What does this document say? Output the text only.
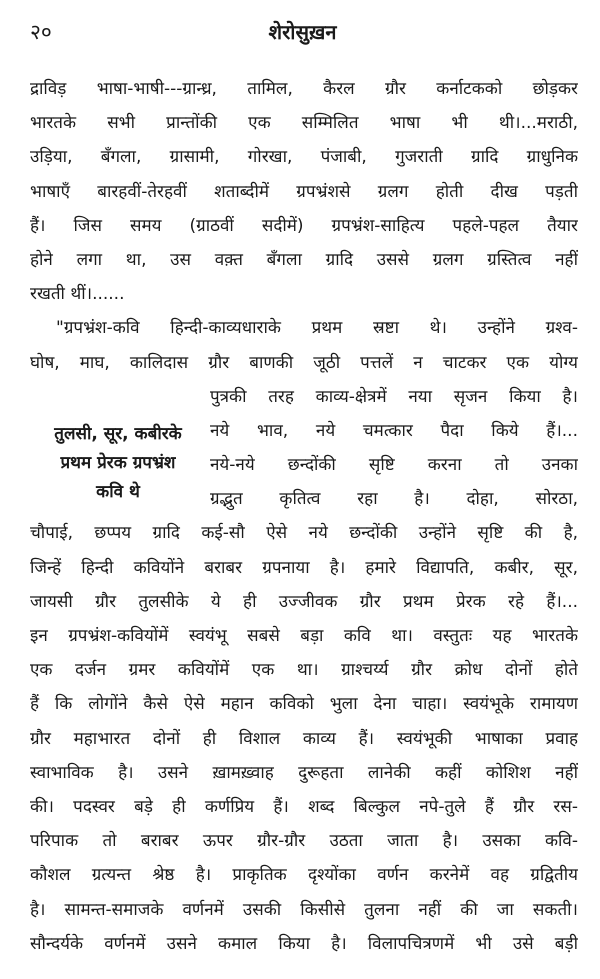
२०	शेरोसुख़न
द्राविड़ भाषा-भाषी---ग्रान्ध्र, तामिल, कैरल ग्रौर कर्नाटकको छोड़कर
भारतके सभी प्रान्तोंकी एक सम्मिलित भाषा भी थी।...मराठी,
उड़िया, बँगला, ग्रासामी, गोरखा, पंजाबी, गुजराती ग्रादि ग्राधुनिक
भाषाएँ बारहवीं-तेरहवीं शताब्दीमें ग्रपभ्रंशसे ग्रलग होती दीख पड़ती
हैं। जिस समय (ग्राठवीं सदीमें) ग्रपभ्रंश-साहित्य पहले-पहल तैयार
होने लगा था, उस वक़्त बँगला ग्रादि उससे ग्रलग ग्रस्तित्व नहीं
रखती थीं।......
"ग्रपभ्रंश-कवि हिन्दी-काव्यधाराके प्रथम स्रष्टा थे। उन्होंने ग्रश्व-
घोष, माघ, कालिदास ग्रौर बाणकी जूठी पत्तलें न चाटकर एक योग्य
तुलसी, सूर, कबीरके
प्रथम प्रेरक ग्रपभ्रंश
कवि थे
पुत्रकी तरह काव्य-क्षेत्रमें नया सृजन किया है।
नये भाव, नये चमत्कार पैदा किये हैं।...
नये-नये छन्दोंकी सृष्टि करना तो उनका
ग्रद्भुत कृतित्व रहा है। दोहा, सोरठा,
चौपाई, छप्पय ग्रादि कई-सौ ऐसे नये छन्दोंकी उन्होंने सृष्टि की है,
जिन्हें हिन्दी कवियोंने बराबर ग्रपनाया है। हमारे विद्यापति, कबीर, सूर,
जायसी ग्रौर तुलसीके ये ही उज्जीवक ग्रौर प्रथम प्रेरक रहे हैं।...
इन ग्रपभ्रंश-कवियोंमें स्वयंभू सबसे बड़ा कवि था। वस्तुतः यह भारतके
एक दर्जन ग्रमर कवियोंमें एक था। ग्राश्चर्य्य ग्रौर क्रोध दोनों होते
हैं कि लोगोंने कैसे ऐसे महान कविको भुला देना चाहा। स्वयंभूके रामायण
ग्रौर महाभारत दोनों ही विशाल काव्य हैं। स्वयंभूकी भाषाका प्रवाह
स्वाभाविक है। उसने ख़ामख़्वाह दुरूहता लानेकी कहीं कोशिश नहीं
की। पदस्वर बड़े ही कर्णप्रिय हैं। शब्द बिल्कुल नपे-तुले हैं ग्रौर रस-
परिपाक तो बराबर ऊपर ग्रौर-ग्रौर उठता जाता है। उसका कवि-
कौशल ग्रत्यन्त श्रेष्ठ है। प्राकृतिक दृश्योंका वर्णन करनेमें वह ग्रद्वितीय
है। सामन्त-समाजके वर्णनमें उसकी किसीसे तुलना नहीं की जा सकती।
सौन्दर्यके वर्णनमें उसने कमाल किया है। विलापचित्रणमें भी उसे बड़ी
